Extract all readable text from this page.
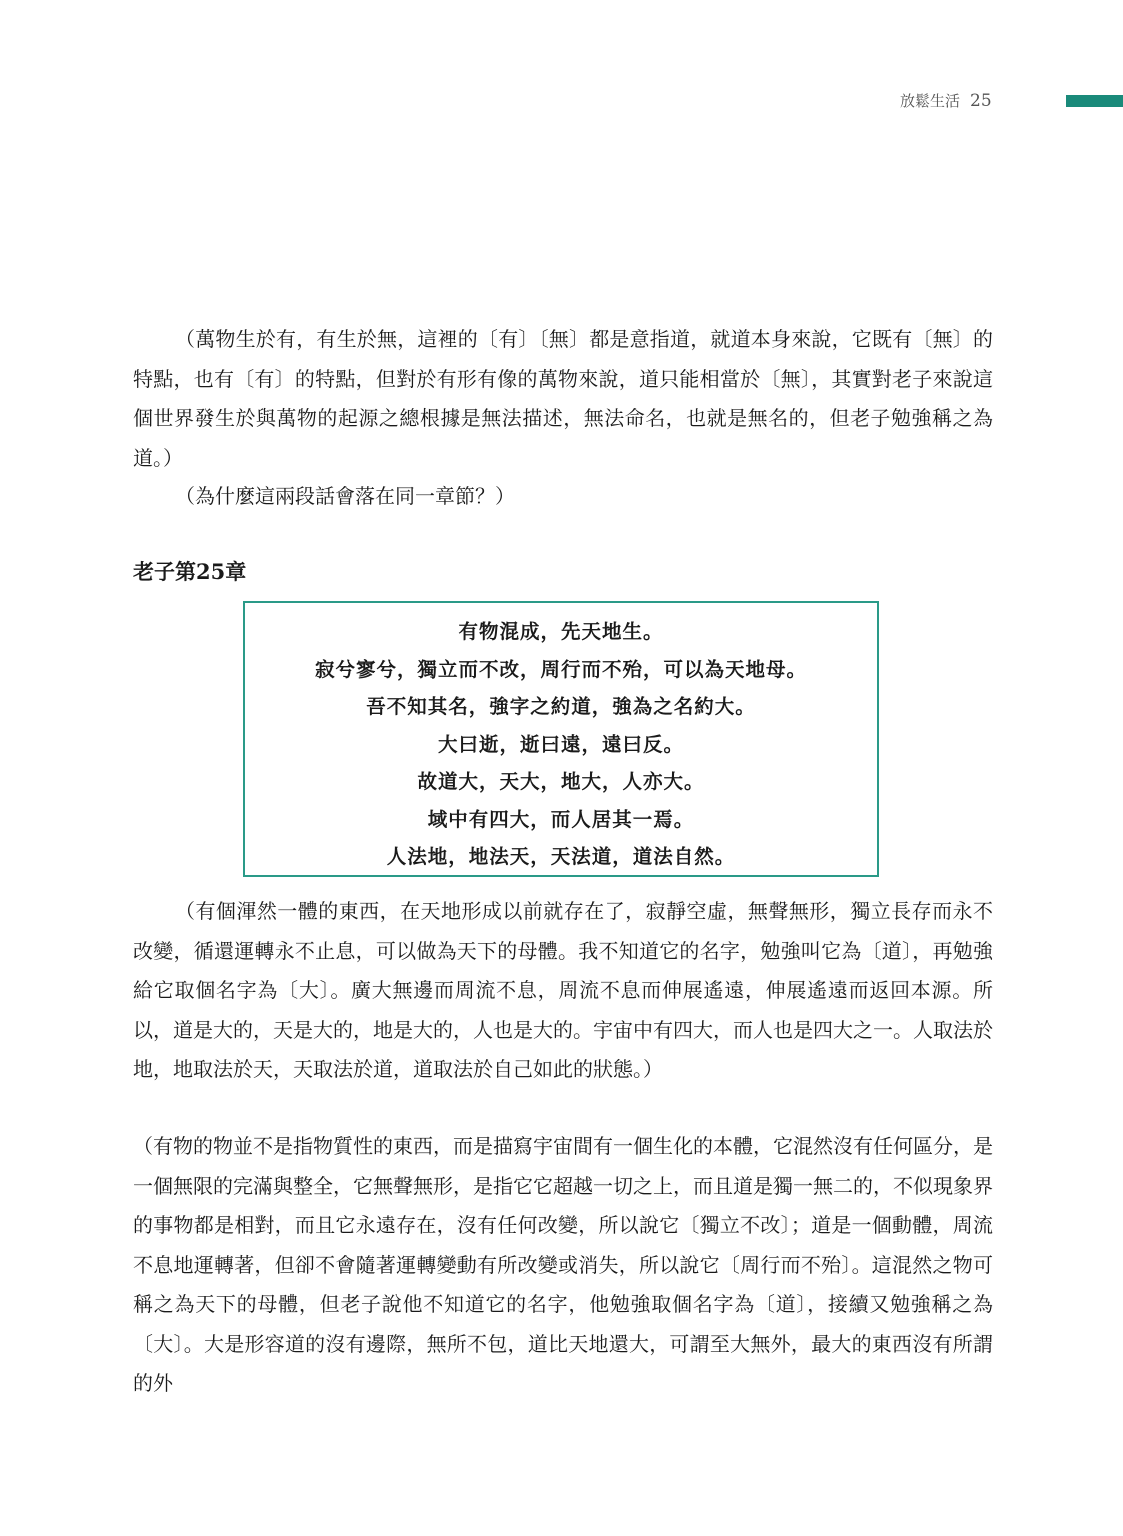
放鬆生活 25

（萬物生於有，有生於無，這裡的〔有〕〔無〕都是意指道，就道本身來說，它既有〔無〕的特點，也有〔有〕的特點，但對於有形有像的萬物來說，道只能相當於〔無〕，其實對老子來說這個世界發生於與萬物的起源之總根據是無法描述，無法命名，也就是無名的，但老子勉強稱之為道。）

（為什麼這兩段話會落在同一章節？）

老子第25章
有物混成，先天地生。
寂兮寥兮，獨立而不改，周行而不殆，可以為天地母。
吾不知其名，強字之約道，強為之名約大。
大曰逝，逝曰遠，遠曰反。
故道大，天大，地大，人亦大。
域中有四大，而人居其一焉。
人法地，地法天，天法道，道法自然。

（有個渾然一體的東西，在天地形成以前就存在了，寂靜空虛，無聲無形，獨立長存而永不改變，循還運轉永不止息，可以做為天下的母體。我不知道它的名字，勉強叫它為〔道〕，再勉強給它取個名字為〔大〕。廣大無邊而周流不息，周流不息而伸展遙遠，伸展遙遠而返回本源。所以，道是大的，天是大的，地是大的，人也是大的。宇宙中有四大，而人也是四大之一。人取法於地，地取法於天，天取法於道，道取法於自己如此的狀態。）

（有物的物並不是指物質性的東西，而是描寫宇宙間有一個生化的本體，它混然沒有任何區分，是一個無限的完滿與整全，它無聲無形，是指它它超越一切之上，而且道是獨一無二的，不似現象界的事物都是相對，而且它永遠存在，沒有任何改變，所以說它〔獨立不改〕；道是一個動體，周流不息地運轉著，但卻不會隨著運轉變動有所改變或消失，所以說它〔周行而不殆〕。這混然之物可稱之為天下的母體，但老子說他不知道它的名字，他勉強取個名字為〔道〕，接續又勉強稱之為〔大〕。大是形容道的沒有邊際，無所不包，道比天地還大，可謂至大無外，最大的東西沒有所謂的外
